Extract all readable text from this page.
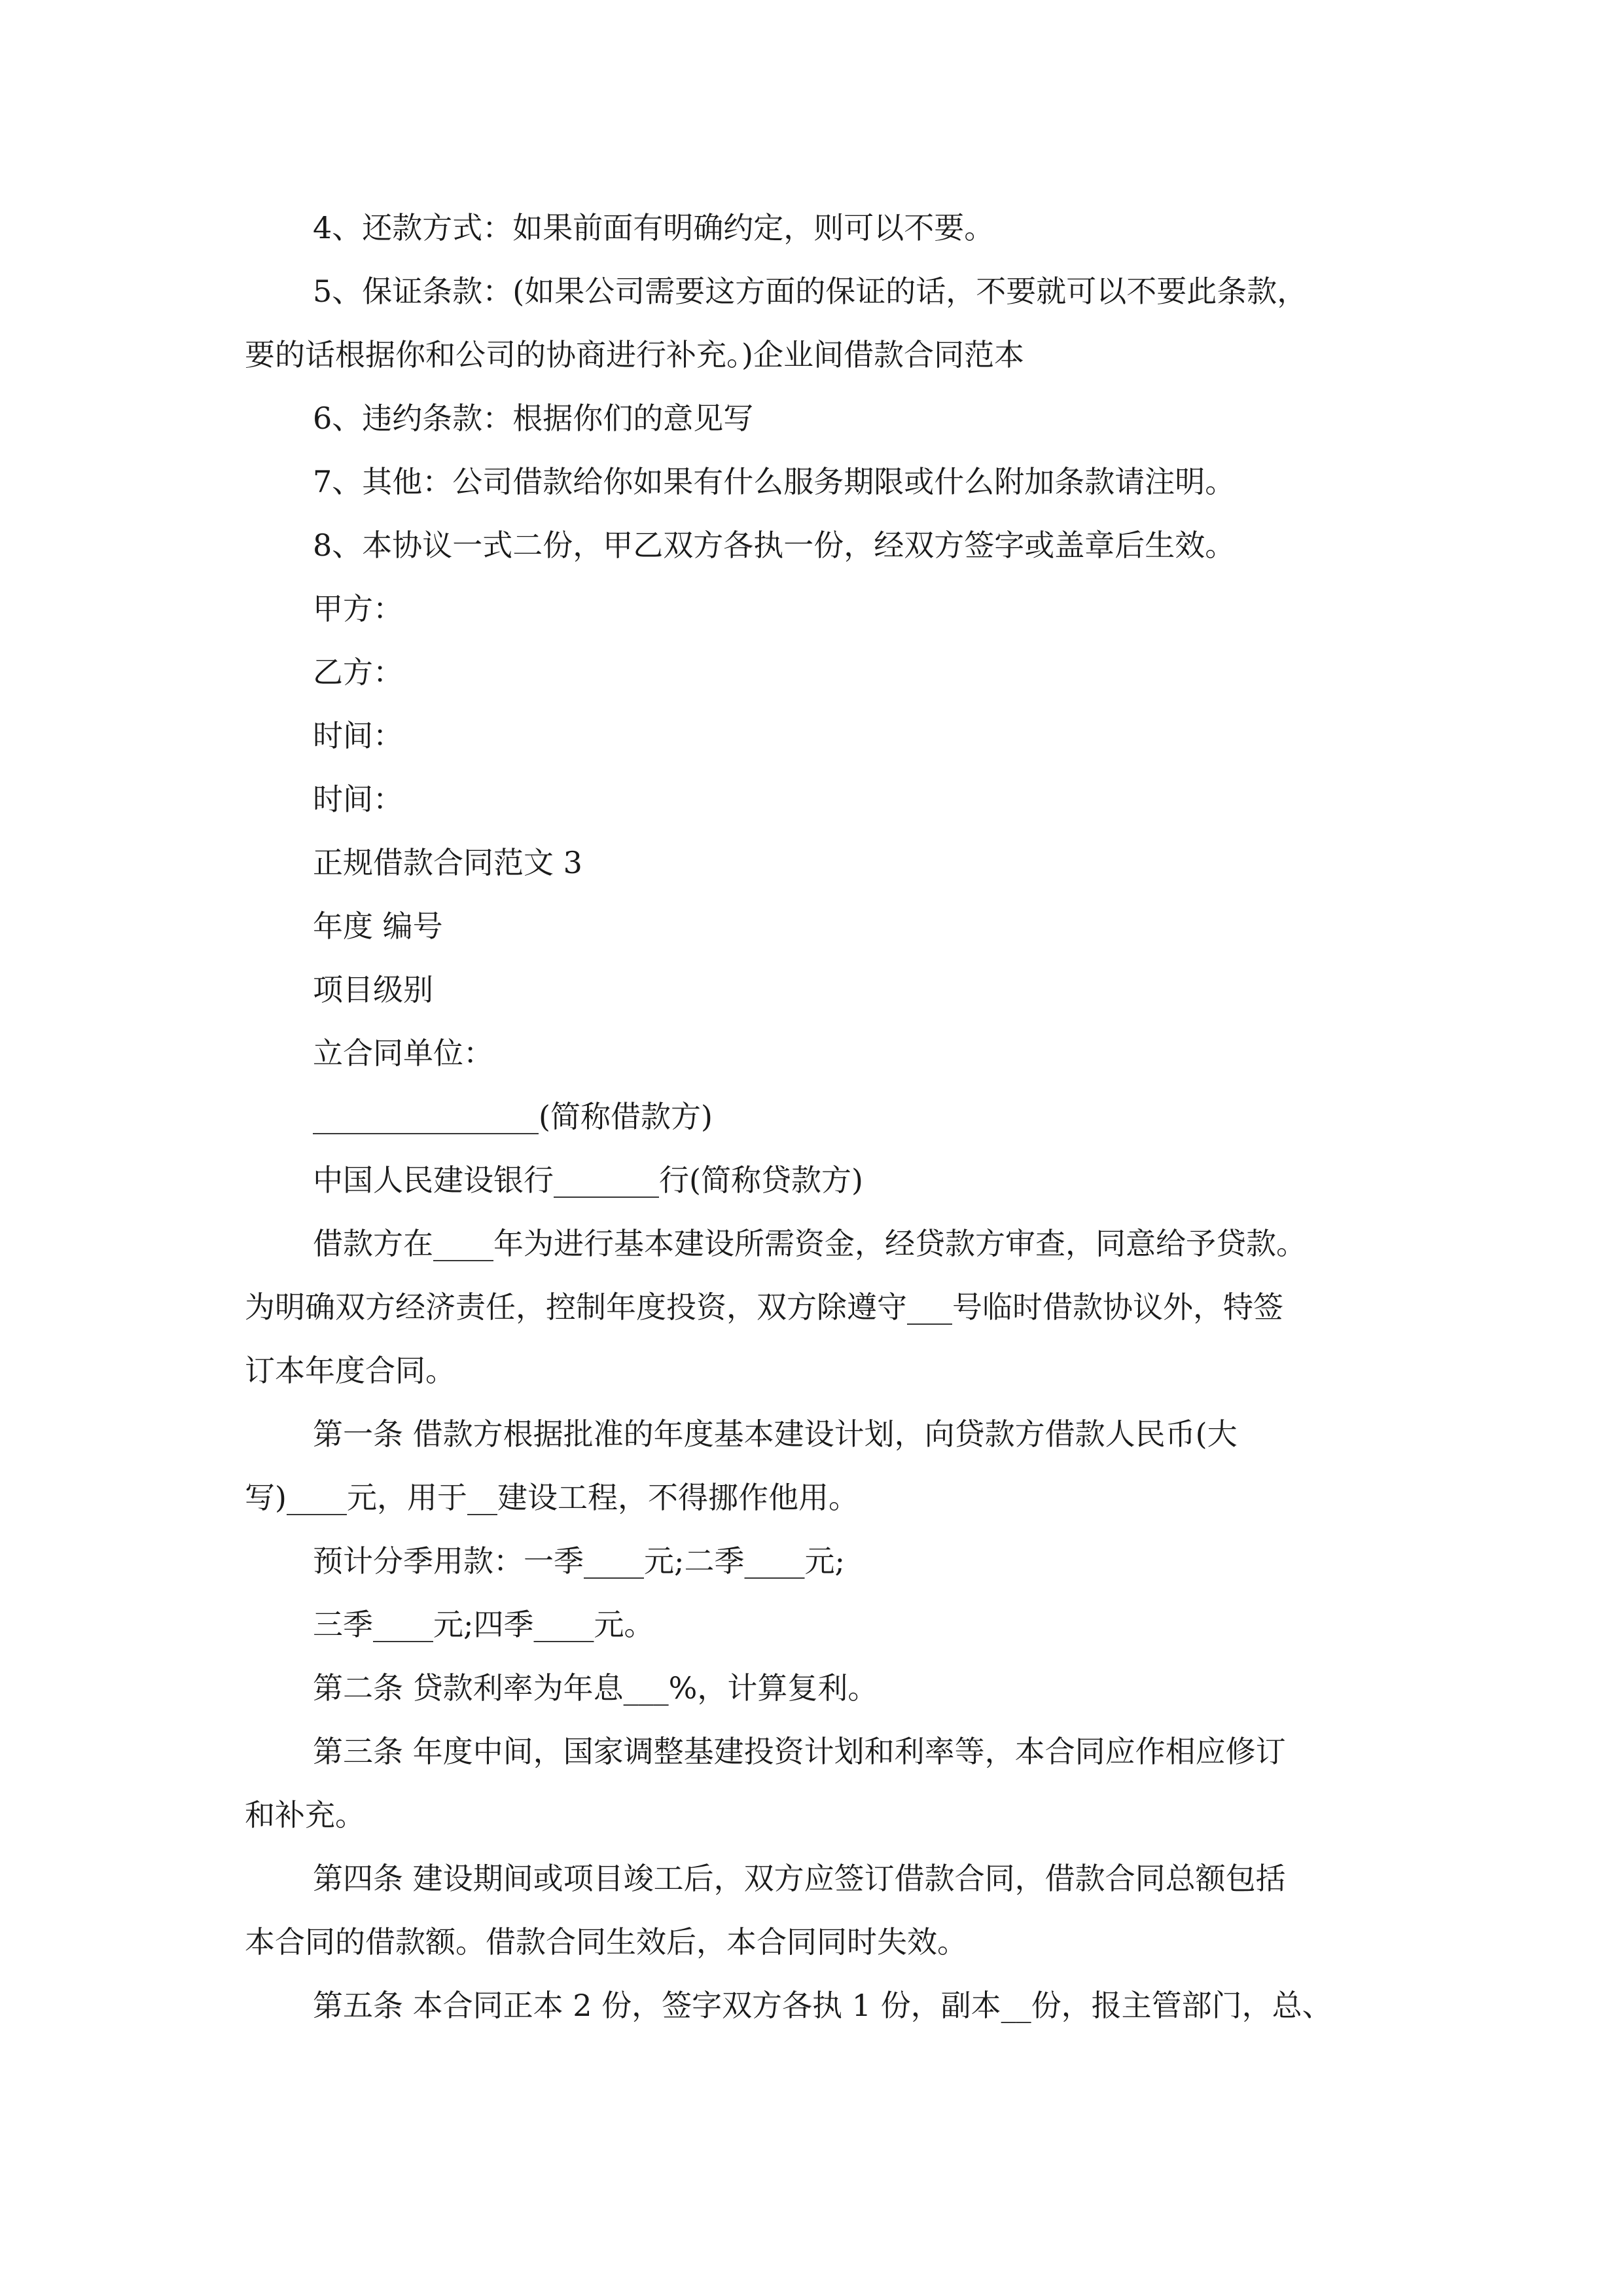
4、还款方式：如果前面有明确约定，则可以不要。

5、保证条款：(如果公司需要这方面的保证的话，不要就可以不要此条款，

要的话根据你和公司的协商进行补充。)企业间借款合同范本

6、违约条款：根据你们的意见写

7、其他：公司借款给你如果有什么服务期限或什么附加条款请注明。

8、本协议一式二份，甲乙双方各执一份，经双方签字或盖章后生效。

甲方：

乙方：

时间：

时间：

正规借款合同范文 3

年度 编号

项目级别

立合同单位：

_______________(简称借款方)

中国人民建设银行_______行(简称贷款方)

借款方在____年为进行基本建设所需资金，经贷款方审查，同意给予贷款。

为明确双方经济责任，控制年度投资，双方除遵守___号临时借款协议外，特签

订本年度合同。

第一条 借款方根据批准的年度基本建设计划，向贷款方借款人民币(大

写)____元，用于__建设工程，不得挪作他用。

预计分季用款：一季____元;二季____元;

三季____元;四季____元。

第二条 贷款利率为年息___%，计算复利。

第三条 年度中间，国家调整基建投资计划和利率等，本合同应作相应修订

和补充。

第四条 建设期间或项目竣工后，双方应签订借款合同，借款合同总额包括

本合同的借款额。借款合同生效后，本合同同时失效。

第五条 本合同正本 2 份，签字双方各执 1 份，副本__份，报主管部门，总、
